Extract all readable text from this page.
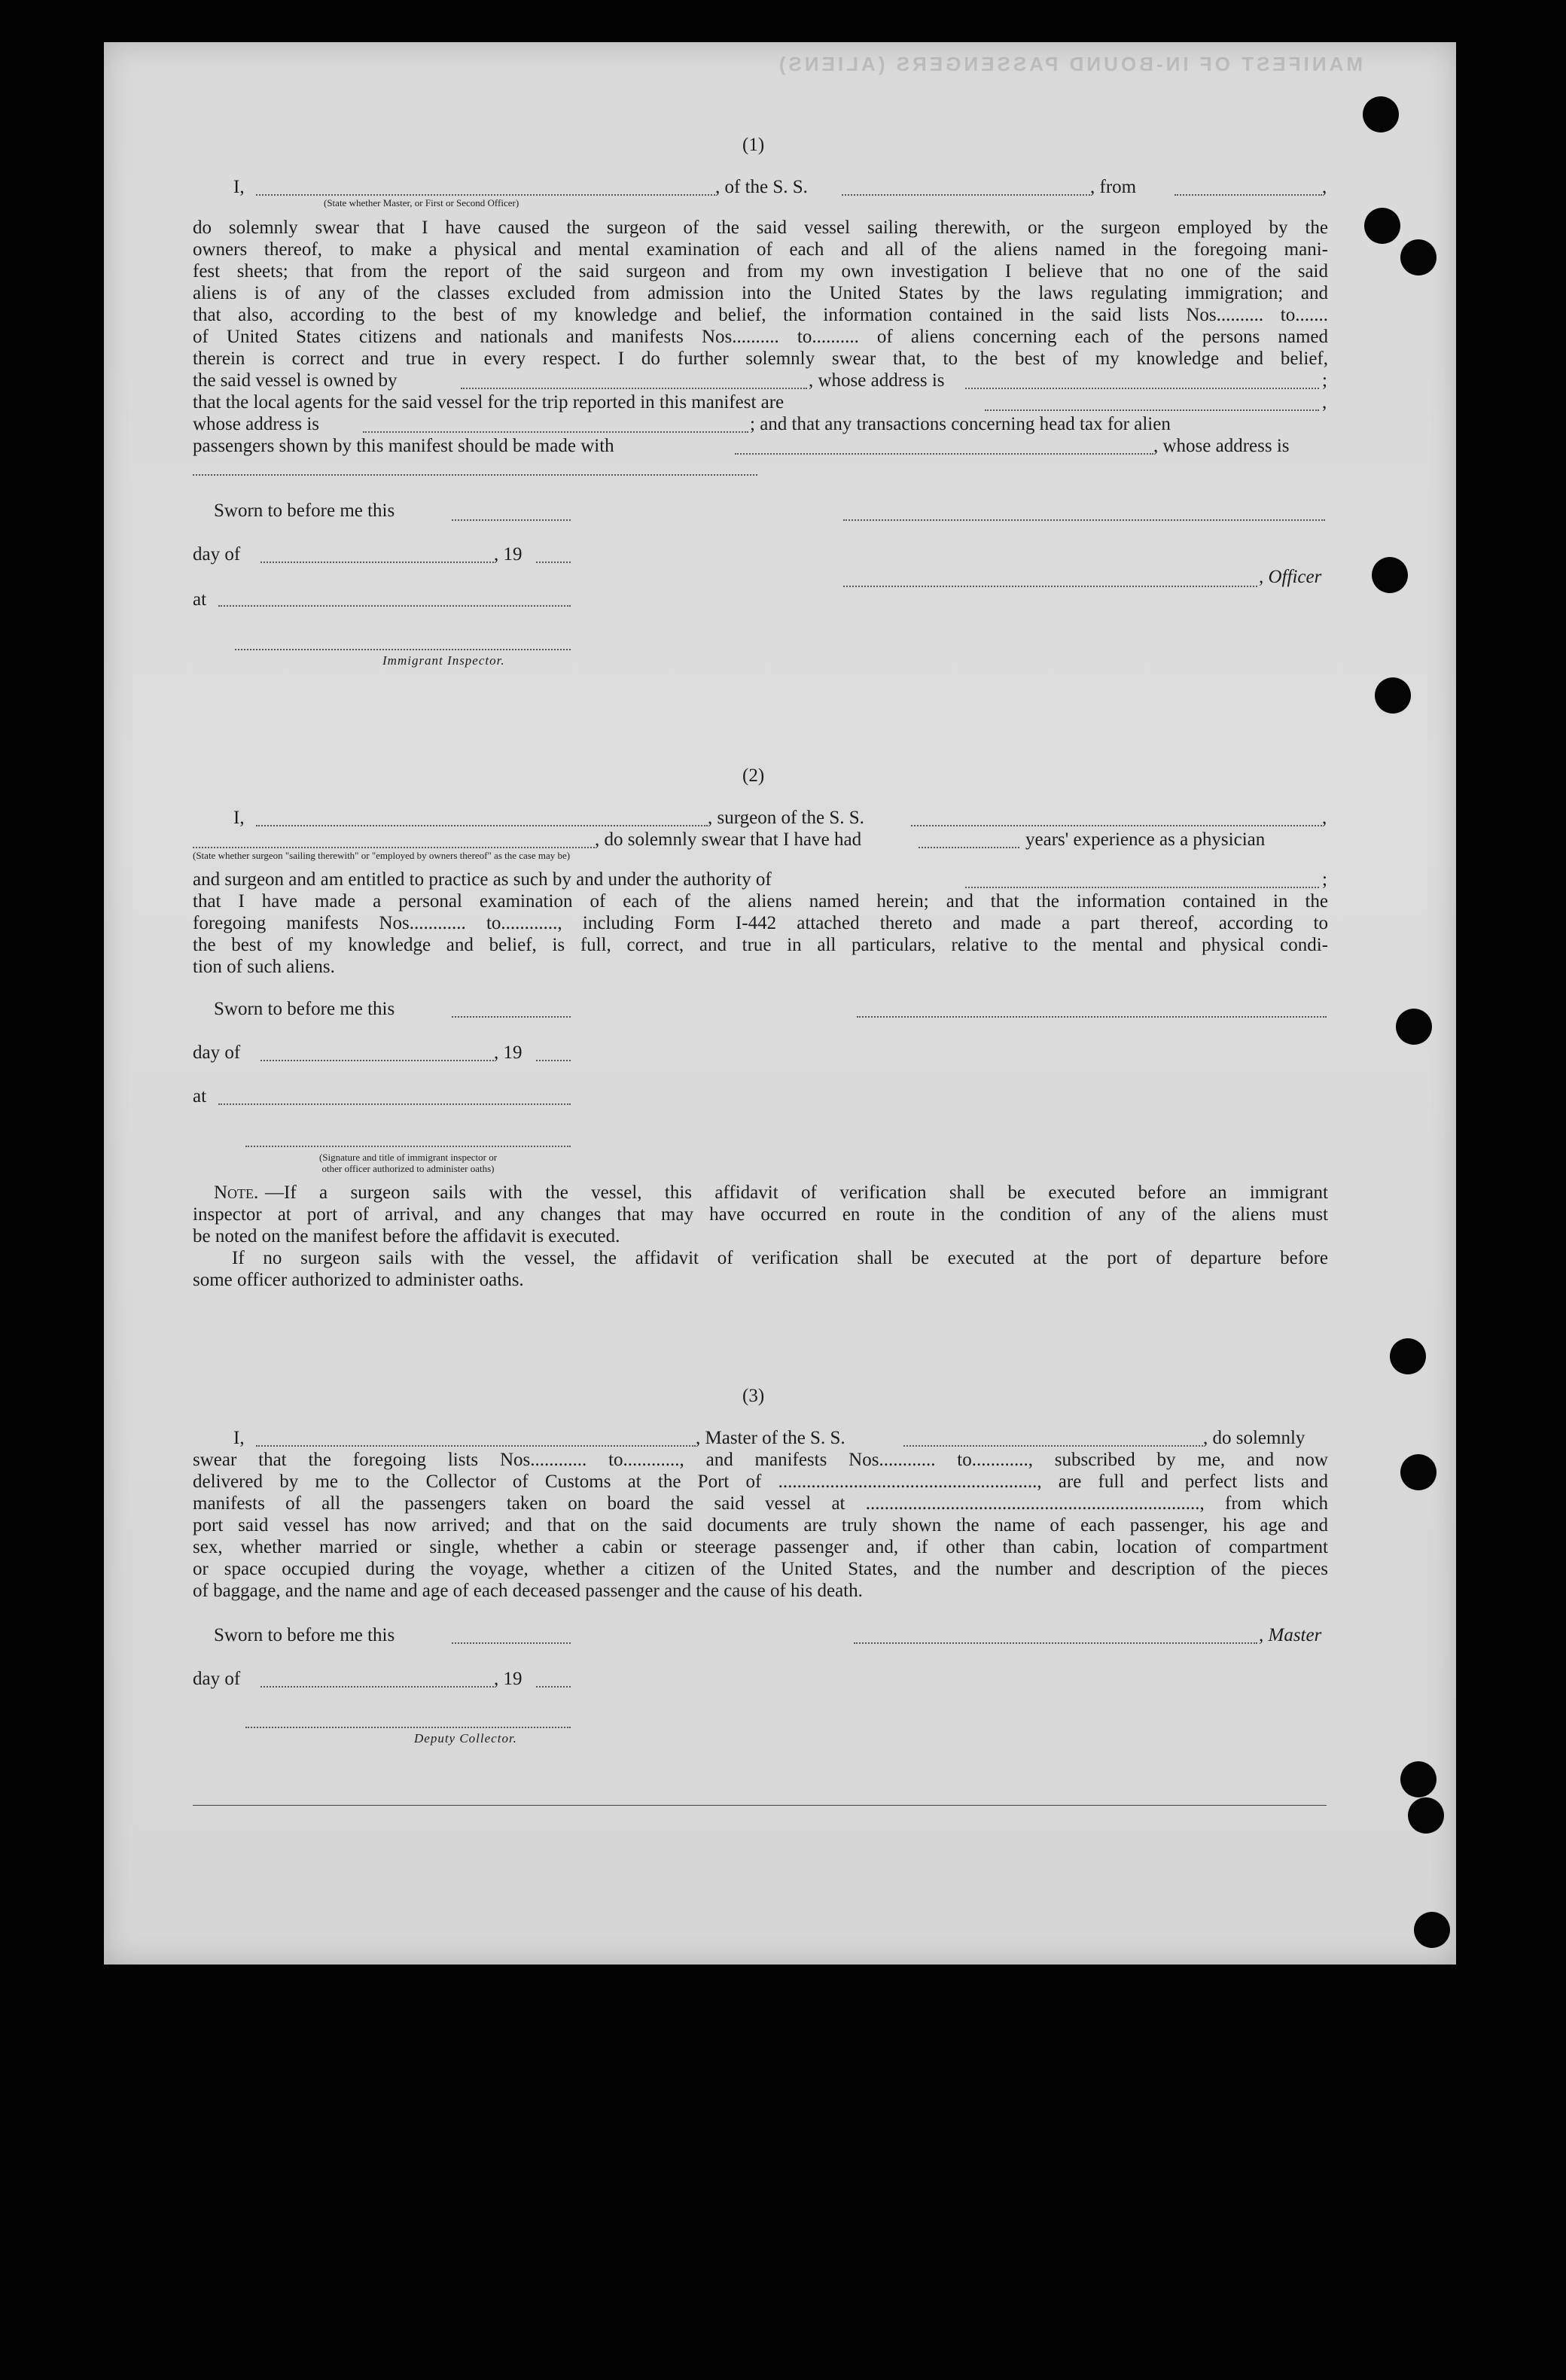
MANIFEST OF IN-BOUND PASSENGERS (ALIENS)
(1)
I,	, of the S. S.	, from	,
(State whether Master, or First or Second Officer)
do solemnly swear that I have caused the surgeon of the said vessel sailing therewith, or the surgeon employed by the
owners thereof, to make a physical and mental examination of each and all of the aliens named in the foregoing mani-
fest sheets; that from the report of the said surgeon and from my own investigation I believe that no one of the said
aliens is of any of the classes excluded from admission into the United States by the laws regulating immigration; and
that also, according to the best of my knowledge and belief, the information contained in the said lists Nos.......... to.......
of United States citizens and nationals and manifests Nos.......... to.......... of aliens concerning each of the persons named
therein is correct and true in every respect. I do further solemnly swear that, to the best of my knowledge and belief,
the said vessel is owned by	, whose address is	;
that the local agents for the said vessel for the trip reported in this manifest are	,
whose address is	; and that any transactions concerning head tax for alien
passengers shown by this manifest should be made with	, whose address is
Sworn to before me this
day of	, 19
, Officer
at
Immigrant Inspector.
(2)
I,	, surgeon of the S. S.	,
, do solemnly swear that I have had	years' experience as a physician
(State whether surgeon "sailing therewith" or "employed by owners thereof" as the case may be)
and surgeon and am entitled to practice as such by and under the authority of	;
that I have made a personal examination of each of the aliens named herein; and that the information contained in the
foregoing manifests Nos............ to............, including Form I-442 attached thereto and made a part thereof, according to
the best of my knowledge and belief, is full, correct, and true in all particulars, relative to the mental and physical condi-
tion of such aliens.
Sworn to before me this
day of	, 19
at
(Signature and title of immigrant inspector or
other officer authorized to administer oaths)
Note. —If a surgeon sails with the vessel, this affidavit of verification shall be executed before an immigrant
inspector at port of arrival, and any changes that may have occurred en route in the condition of any of the aliens must
be noted on the manifest before the affidavit is executed.
If no surgeon sails with the vessel, the affidavit of verification shall be executed at the port of departure before
some officer authorized to administer oaths.
(3)
I,	, Master of the S. S.	, do solemnly
swear that the foregoing lists Nos............ to............, and manifests Nos............ to............, subscribed by me, and now
delivered by me to the Collector of Customs at the Port of ......................................................., are full and perfect lists and
manifests of all the passengers taken on board the said vessel at ......................................................................., from which
port said vessel has now arrived; and that on the said documents are truly shown the name of each passenger, his age and
sex, whether married or single, whether a cabin or steerage passenger and, if other than cabin, location of compartment
or space occupied during the voyage, whether a citizen of the United States, and the number and description of the pieces
of baggage, and the name and age of each deceased passenger and the cause of his death.
Sworn to before me this	, Master
day of	, 19
Deputy Collector.
